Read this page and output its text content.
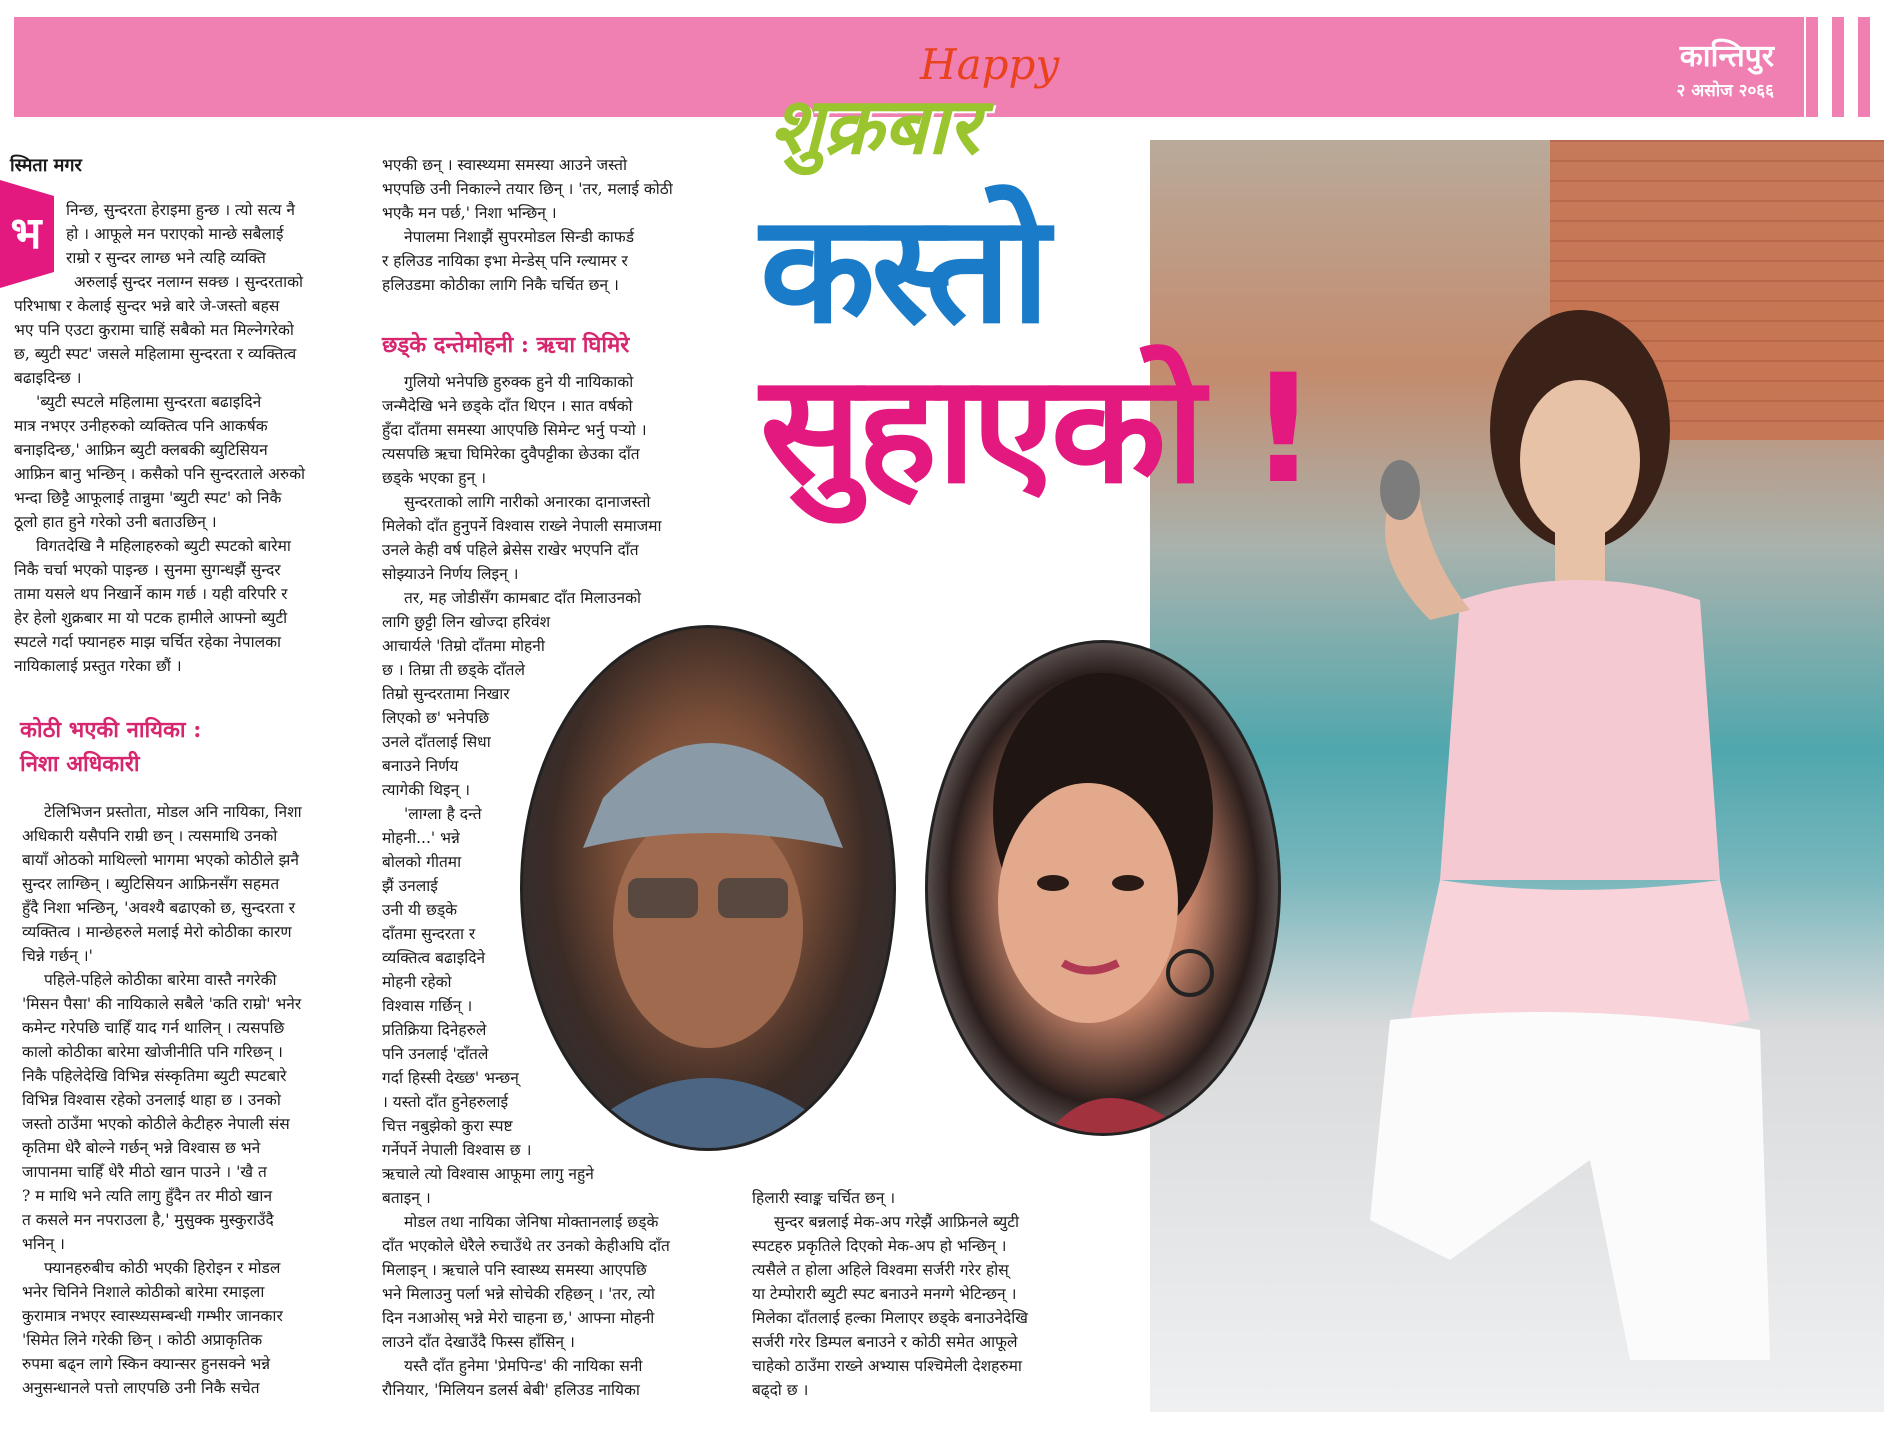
कान्तिपुर
२ असोज २०६६
Happy
शुक्रबार
कस्तो
सुहाएको !
स्मिता मगर
भ	निन्छ, सुन्दरता हेराइमा हुन्छ । त्यो सत्य नै

हो । आफूले मन पराएको मान्छे सबैलाई

राम्रो र सुन्दर लाग्छ भने त्यहि व्यक्ति

अरुलाई सुन्दर नलाग्न सक्छ । सुन्दरताको

परिभाषा र केलाई सुन्दर भन्ने बारे जे-जस्तो बहस

भए पनि एउटा कुरामा चाहिं सबैको मत मिल्नेगरेको

छ, ब्युटी स्पट' जसले महिलामा सुन्दरता र व्यक्तित्व

बढाइदिन्छ ।

'ब्युटी स्पटले महिलामा सुन्दरता बढाइदिने

मात्र नभएर उनीहरुको व्यक्तित्व पनि आकर्षक

बनाइदिन्छ,' आफ्रिन ब्युटी क्लबकी ब्युटिसियन

आफ्रिन बानु भन्छिन् । कसैको पनि सुन्दरताले अरुको

भन्दा छिट्टै आफूलाई तान्नुमा 'ब्युटी स्पट' को निकै

ठूलो हात हुने गरेको उनी बताउछिन् ।

विगतदेखि नै महिलाहरुको ब्युटी स्पटको बारेमा

निकै चर्चा भएको पाइन्छ । सुनमा सुगन्धझैं सुन्दर

तामा यसले थप निखार्ने काम गर्छ । यही वरिपरि र

हेर हेलो शुक्रबार मा यो पटक हामीले आफ्नो ब्युटी

स्पटले गर्दा फ्यानहरु माझ चर्चित रहेका नेपालका

नायिकालाई प्रस्तुत गरेका छौं ।

कोठी भएकी नायिका :
निशा अधिकारी

टेलिभिजन प्रस्तोता, मोडल अनि नायिका, निशा

अधिकारी यसैपनि राम्री छन् । त्यसमाथि उनको

बायाँ ओठको माथिल्लो भागमा भएको कोठीले झनै

सुन्दर लाग्छिन् । ब्युटिसियन आफ्रिनसँग सहमत

हुँदै निशा भन्छिन्, 'अवश्यै बढाएको छ, सुन्दरता र

व्यक्तित्व । मान्छेहरुले मलाई मेरो कोठीका कारण

चिन्ने गर्छन् ।'

पहिले-पहिले कोठीका बारेमा वास्तै नगरेकी

'मिसन पैसा' की नायिकाले सबैले 'कति राम्रो' भनेर

कमेन्ट गरेपछि चाहिँ याद गर्न थालिन् । त्यसपछि

कालो कोठीका बारेमा खोजीनीति पनि गरिछन् ।

निकै पहिलेदेखि विभिन्न संस्कृतिमा ब्युटी स्पटबारे

विभिन्न विश्वास रहेको उनलाई थाहा छ । उनको

जस्तो ठाउँमा भएको कोठीले केटीहरु नेपाली संस

कृतिमा धेरै बोल्ने गर्छन् भन्ने विश्वास छ भने

जापानमा चाहिँ धेरै मीठो खान पाउने । 'खै त

? म माथि भने त्यति लागु हुँदैन तर मीठो खान

त कसले मन नपराउला है,' मुसुक्क मुस्कुराउँदै

भनिन् ।

फ्यानहरुबीच कोठी भएकी हिरोइन र मोडल

भनेर चिनिने निशाले कोठीको बारेमा रमाइला

कुरामात्र नभएर स्वास्थ्यसम्बन्धी गम्भीर जानकार

'सिमेत लिने गरेकी छिन् । कोठी अप्राकृतिक

रुपमा बढ्न लागे स्किन क्यान्सर हुनसक्ने भन्ने

अनुसन्धानले पत्तो लाएपछि उनी निकै सचेत

भएकी छन् । स्वास्थ्यमा समस्या आउने जस्तो

भएपछि उनी निकाल्ने तयार छिन् । 'तर, मलाई कोठी

भएकै मन पर्छ,' निशा भन्छिन् ।

नेपालमा निशाझैं सुपरमोडल सिन्डी काफर्ड

र हलिउड नायिका इभा मेन्डेस् पनि ग्ल्यामर र

हलिउडमा कोठीका लागि निकै चर्चित छन् ।

छड्के दन्तेमोहनी : ऋचा घिमिरे

गुलियो भनेपछि हुरुक्क हुने यी नायिकाको

जन्मैदेखि भने छड्के दाँत थिएन । सात वर्षको

हुँदा दाँतमा समस्या आएपछि सिमेन्ट भर्नु पर्‍यो ।

त्यसपछि ऋचा घिमिरेका दुवैपट्टीका छेउका दाँत

छड्के भएका हुन् ।

सुन्दरताको लागि नारीको अनारका दानाजस्तो

मिलेको दाँत हुनुपर्ने विश्वास राख्ने नेपाली समाजमा

उनले केही वर्ष पहिले ब्रेसेस राखेर भएपनि दाँत

सोझ्याउने निर्णय लिइन् ।

तर, मह जोडीसँग कामबाट दाँत मिलाउनको

लागि छुट्टी लिन खोज्दा हरिवंश

आचार्यले 'तिम्रो दाँतमा मोहनी

छ । तिम्रा ती छड्के दाँतले

तिम्रो सुन्दरतामा निखार

लिएको छ' भनेपछि

उनले दाँतलाई सिधा

बनाउने निर्णय

त्यागेकी थिइन् ।

'लाग्ला है दन्ते

मोहनी...' भन्ने

बोलको गीतमा

झैं उनलाई

उनी यी छड्के

दाँतमा सुन्दरता र

व्यक्तित्व बढाइदिने

मोहनी रहेको

विश्वास गर्छिन् ।

प्रतिक्रिया दिनेहरुले

पनि उनलाई 'दाँतले

गर्दा हिस्सी देख्छ' भन्छन्

। यस्तो दाँत हुनेहरुलाई

चित्त नबुझेको कुरा स्पष्ट

गर्नेपर्ने नेपाली विश्वास छ ।

ऋचाले त्यो विश्वास आफूमा लागु नहुने

बताइन् ।

मोडल तथा नायिका जेनिषा मोक्तानलाई छड्के

दाँत भएकोले धेरैले रुचाउँथे तर उनको केहीअघि दाँत

मिलाइन् । ऋचाले पनि स्वास्थ्य समस्या आएपछि

भने मिलाउनु पर्ला भन्ने सोचेकी रहिछन् । 'तर, त्यो

दिन नआओस् भन्ने मेरो चाहना छ,' आफ्ना मोहनी

लाउने दाँत देखाउँदै फिस्स हाँसिन् ।

यस्तै दाँत हुनेमा 'प्रेमपिन्ड' की नायिका सनी

रौनियार, 'मिलियन डलर्स बेबी' हलिउड नायिका

हिलारी स्वाङ्क चर्चित छन् ।

सुन्दर बन्नलाई मेक-अप गरेझैं आफ्रिनले ब्युटी

स्पटहरु प्रकृतिले दिएको मेक-अप हो भन्छिन् ।

त्यसैले त होला अहिले विश्वमा सर्जरी गरेर होस्

या टेम्पोरारी ब्युटी स्पट बनाउने मनग्गे भेटिन्छन् ।

मिलेका दाँतलाई हल्का मिलाएर छड्के बनाउनेदेखि

सर्जरी गरेर डिम्पल बनाउने र कोठी समेत आफूले

चाहेको ठाउँमा राख्ने अभ्यास पश्चिमेली देशहरुमा

बढ्दो छ ।
